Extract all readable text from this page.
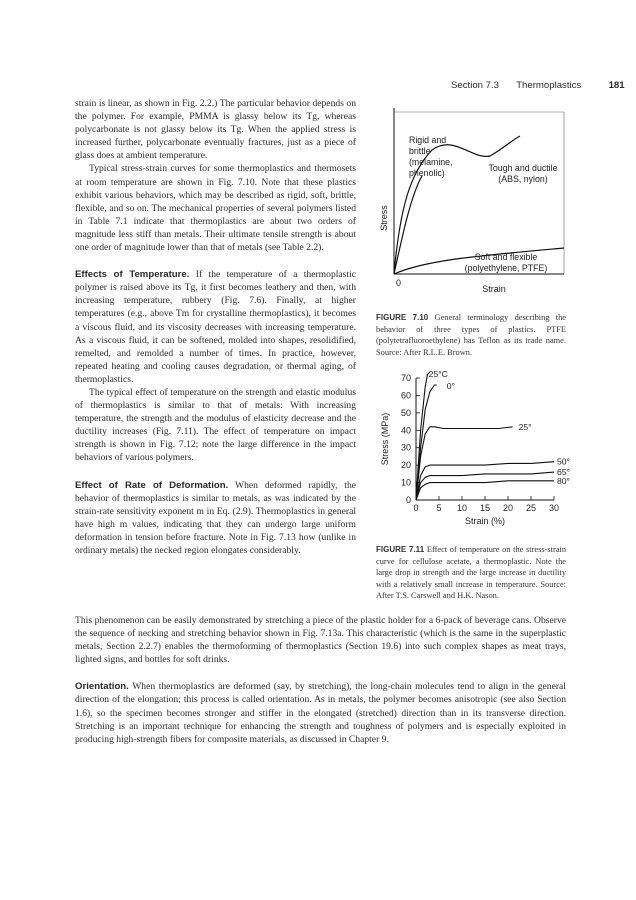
Section 7.3 Thermoplastics	181

strain is linear, as shown in Fig. 2.2.) The particular behavior depends on the polymer. For example, PMMA is glassy below its Tg, whereas polycarbonate is not glassy below its Tg. When the applied stress is increased further, polycarbonate eventually fractures, just as a piece of glass does at ambient temperature.

Typical stress-strain curves for some thermoplastics and thermosets at room temperature are shown in Fig. 7.10. Note that these plastics exhibit various behaviors, which may be described as rigid, soft, brittle, flexible, and so on. The mechanical properties of several polymers listed in Table 7.1 indicate that thermoplastics are about two orders of magnitude less stiff than metals. Their ultimate tensile strength is about one order of magnitude lower than that of metals (see Table 2.2).

Effects of Temperature. If the temperature of a thermoplastic polymer is raised above its Tg, it first becomes leathery and then, with increasing temperature, rubbery (Fig. 7.6). Finally, at higher temperatures (e.g., above Tm for crystalline thermoplastics), it becomes a viscous fluid, and its viscosity decreases with increasing temperature. As a viscous fluid, it can be softened, molded into shapes, resolidified, remelted, and remolded a number of times. In practice, however, repeated heating and cooling causes degradation, or thermal aging, of thermoplastics.

The typical effect of temperature on the strength and elastic modulus of thermoplastics is similar to that of metals: With increasing temperature, the strength and the modulus of elasticity decrease and the ductility increases (Fig. 7.11). The effect of temperature on impact strength is shown in Fig. 7.12; note the large difference in the impact behaviors of various polymers.

Effect of Rate of Deformation. When deformed rapidly, the behavior of thermoplastics is similar to metals, as was indicated by the strain-rate sensitivity exponent m in Eq. (2.9). Thermoplastics in general have high m values, indicating that they can undergo large uniform deformation in tension before fracture. Note in Fig. 7.13 how (unlike in ordinary metals) the necked region elongates considerably.

This phenomenon can be easily demonstrated by stretching a piece of the plastic holder for a 6-pack of beverage cans. Observe the sequence of necking and stretching behavior shown in Fig. 7.13a. This characteristic (which is the same in the superplastic metals, Section 2.2.7) enables the thermoforming of thermoplastics (Section 19.6) into such complex shapes as meat trays, lighted signs, and bottles for soft drinks.

Orientation. When thermoplastics are deformed (say, by stretching), the long-chain molecules tend to align in the general direction of the elongation; this process is called orientation. As in metals, the polymer becomes anisotropic (see also Section 1.6), so the specimen becomes stronger and stiffer in the elongated (stretched) direction than in its transverse direction. Stretching is an important technique for enhancing the strength and toughness of polymers and is especially exploited in producing high-strength fibers for composite materials, as discussed in Chapter 9.

Stress
Strain
0
Rigid and
brittle
(melamine,
phenolic)	Tough and ductile
(ABS, nylon)
Soft and flexible
(polyethylene, PTFE)
FIGURE 7.10 General terminology describing the behavior of three types of plastics. PTFE (polytetrafluoroethylene) has Teflon as its trade name. Source: After R.L.E. Brown.
0
10
20
30
40
50
60
70
0 5 10 15 20 25 30
-25°C
0°
25°
50°
65°
80°
Stress (MPa)
Strain (%)
FIGURE 7.11 Effect of temperature on the stress-strain curve for cellulose acetate, a thermoplastic. Note the large drop in strength and the large increase in ductility with a relatively small increase in temperature. Source: After T.S. Carswell and H.K. Nason.
